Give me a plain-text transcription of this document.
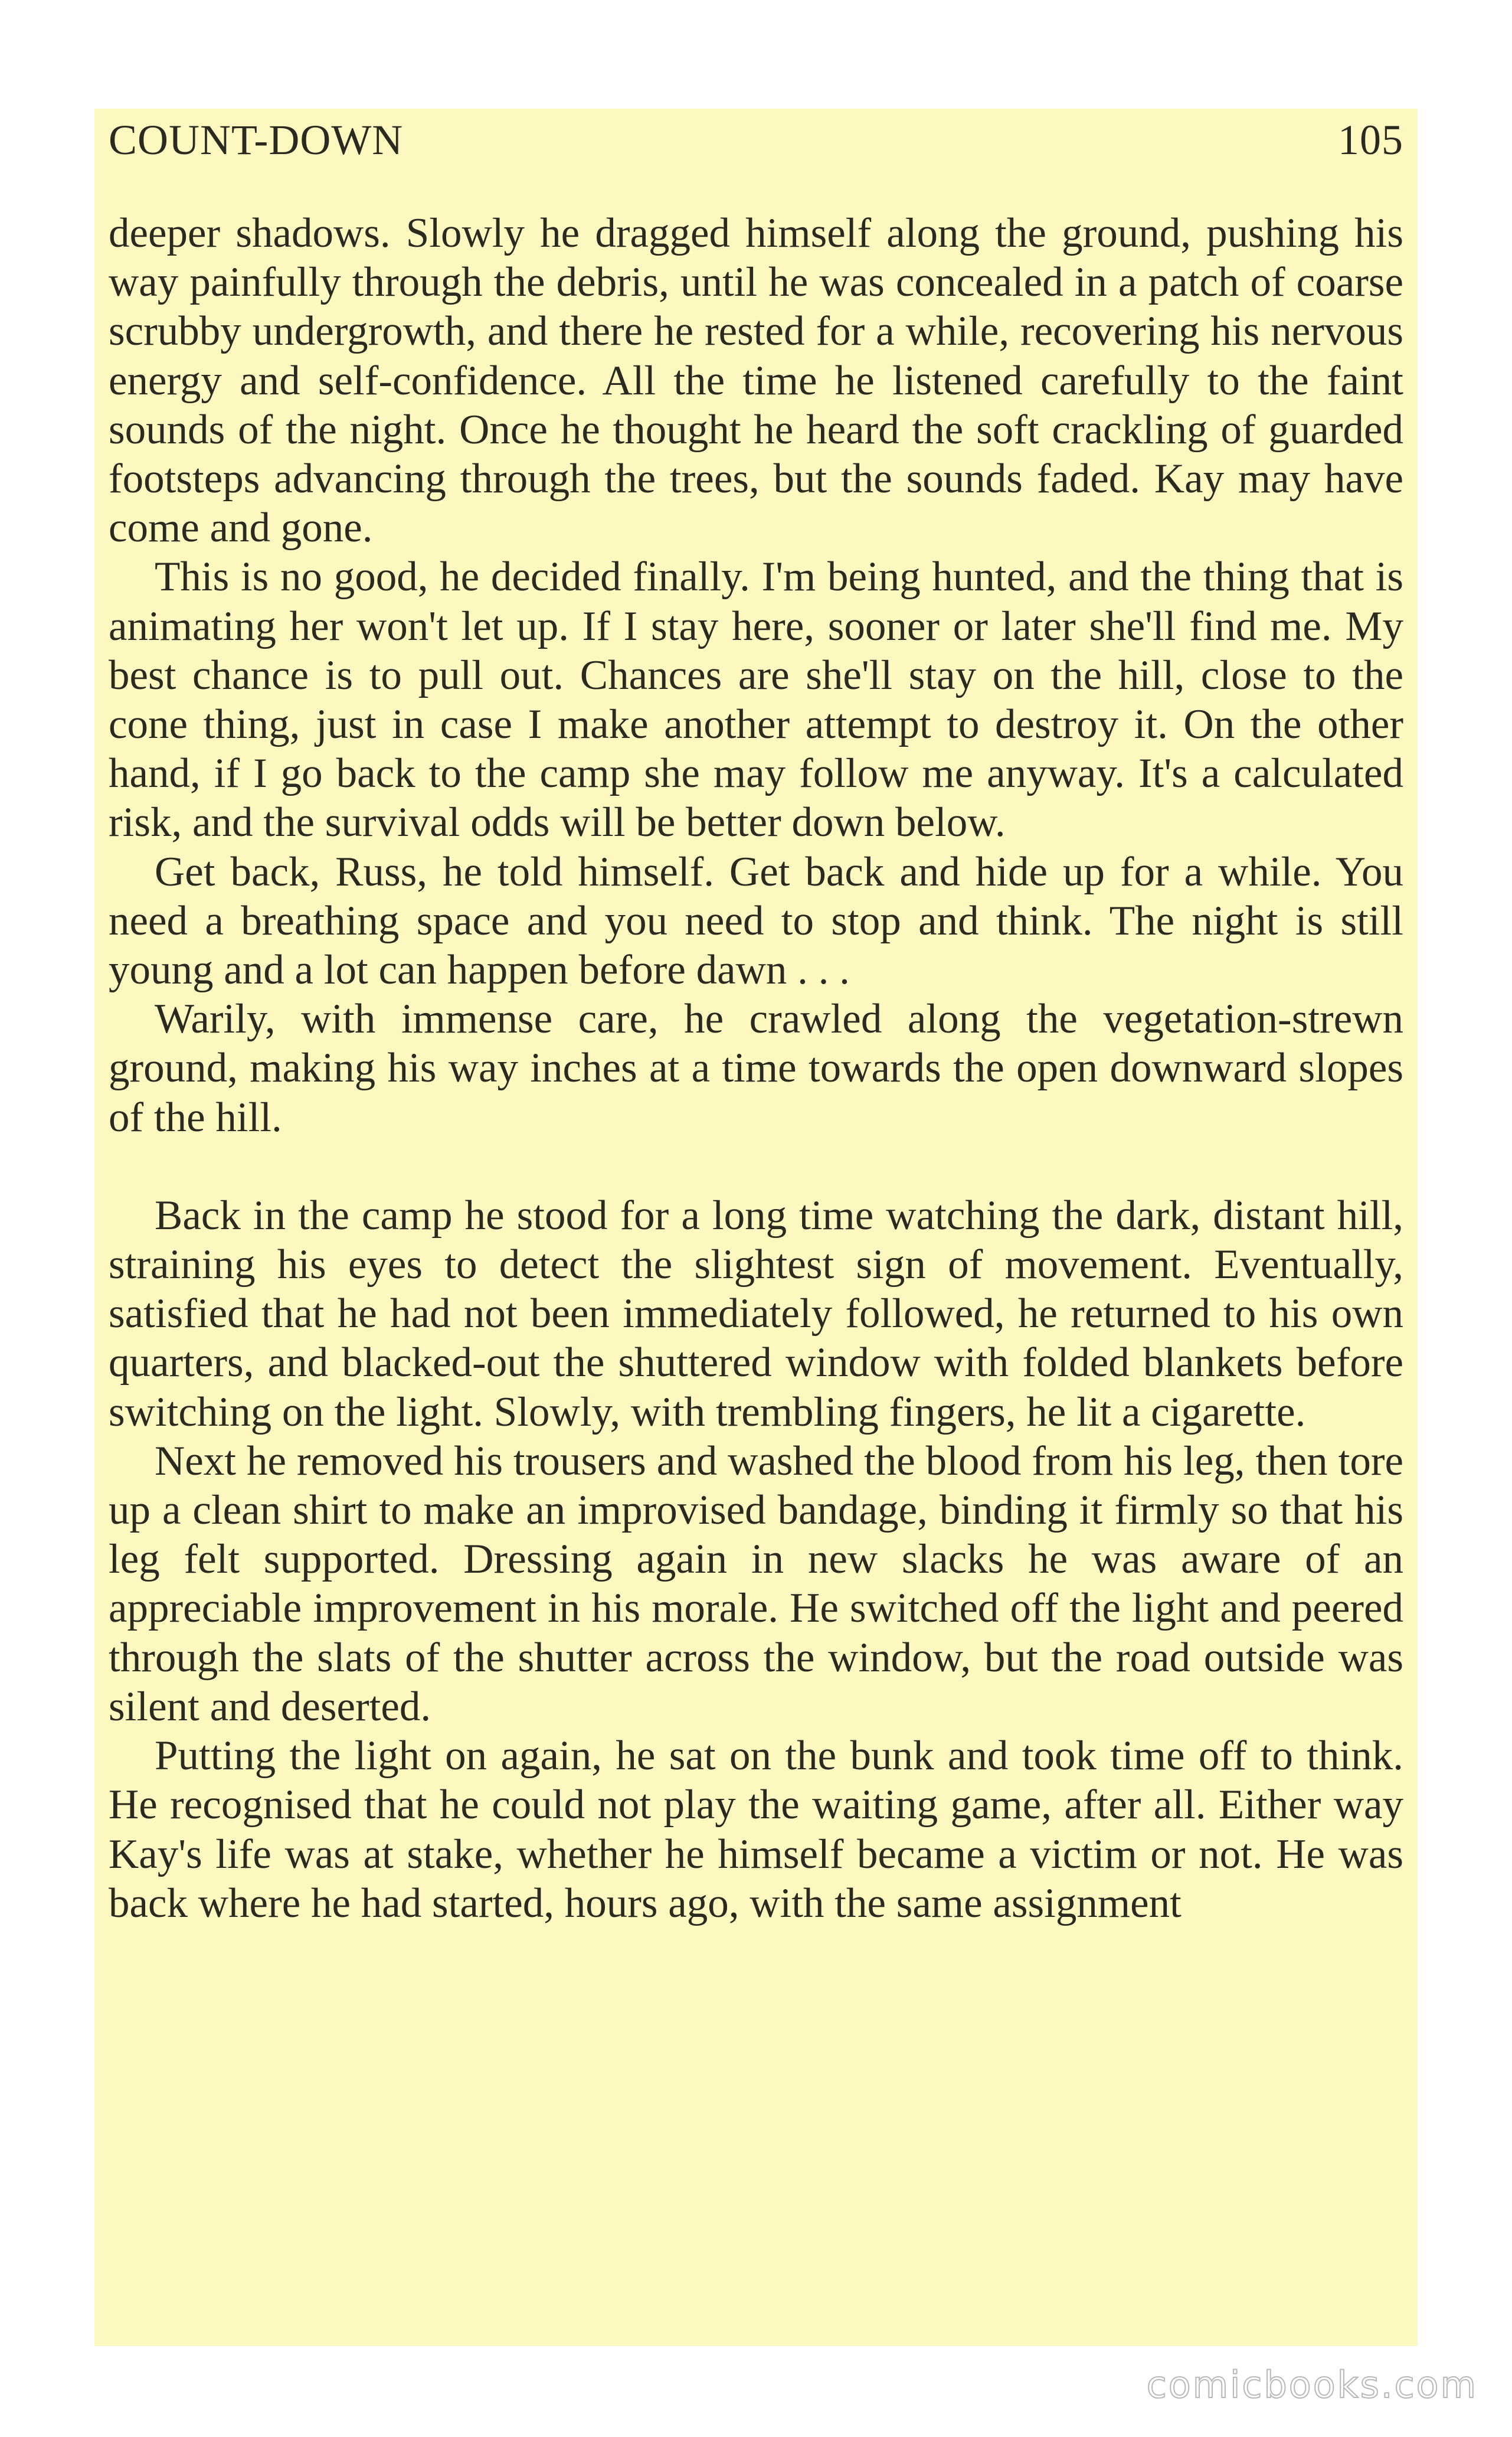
COUNT-DOWN	105

deeper shadows. Slowly he dragged himself along the ground, pushing his way painfully through the debris, until he was concealed in a patch of coarse scrubby undergrowth, and there he rested for a while, recovering his nervous energy and self-confidence. All the time he listened carefully to the faint sounds of the night. Once he thought he heard the soft crackling of guarded footsteps advancing through the trees, but the sounds faded. Kay may have come and gone.

This is no good, he decided finally. I'm being hunted, and the thing that is animating her won't let up. If I stay here, sooner or later she'll find me. My best chance is to pull out. Chances are she'll stay on the hill, close to the cone thing, just in case I make another attempt to destroy it. On the other hand, if I go back to the camp she may follow me anyway. It's a calculated risk, and the survival odds will be better down below.

Get back, Russ, he told himself. Get back and hide up for a while. You need a breathing space and you need to stop and think. The night is still young and a lot can happen before dawn . . .

Warily, with immense care, he crawled along the vegetation-strewn ground, making his way inches at a time towards the open downward slopes of the hill.

Back in the camp he stood for a long time watching the dark, distant hill, straining his eyes to detect the slightest sign of movement. Eventually, satisfied that he had not been immediately followed, he returned to his own quarters, and blacked-out the shuttered window with folded blankets before switching on the light. Slowly, with trembling fingers, he lit a cigarette.

Next he removed his trousers and washed the blood from his leg, then tore up a clean shirt to make an improvised bandage, binding it firmly so that his leg felt supported. Dressing again in new slacks he was aware of an appreciable improvement in his morale. He switched off the light and peered through the slats of the shutter across the window, but the road outside was silent and deserted.

Putting the light on again, he sat on the bunk and took time off to think. He recognised that he could not play the waiting game, after all. Either way Kay's life was at stake, whether he himself became a victim or not. He was back where he had started, hours ago, with the same assignment

comicbooks.com
